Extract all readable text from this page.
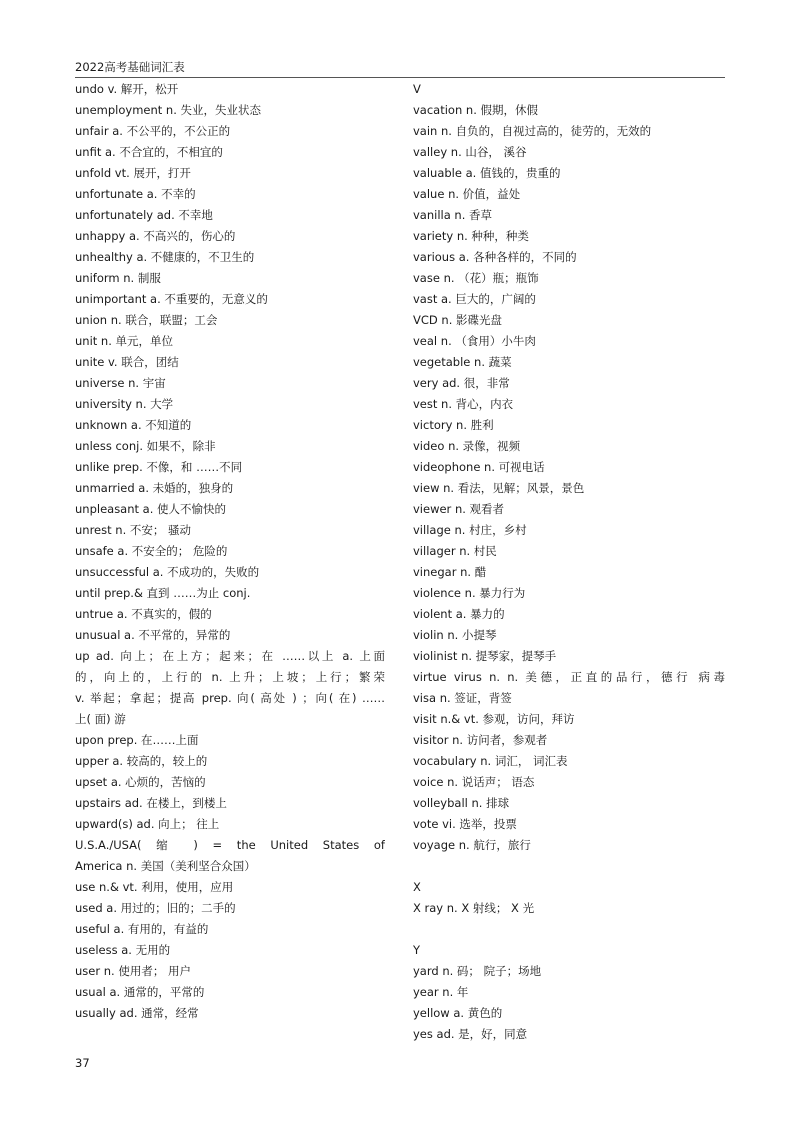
2022高考基础词汇表
undo v. 解开，松开
unemployment n. 失业，失业状态
unfair a. 不公平的，不公正的
unfit a. 不合宜的，不相宜的
unfold vt. 展开，打开
unfortunate a. 不幸的
unfortunately ad. 不幸地
unhappy a. 不高兴的，伤心的
unhealthy a. 不健康的，不卫生的
uniform n. 制服
unimportant a. 不重要的，无意义的
union n. 联合，联盟；工会
unit n. 单元，单位
unite v. 联合，团结
universe n. 宇宙
university n. 大学
unknown a. 不知道的
unless conj. 如果不，除非
unlike prep. 不像，和 ……不同
unmarried a. 未婚的，独身的
unpleasant a. 使人不愉快的
unrest n. 不安； 骚动
unsafe a. 不安全的； 危险的
unsuccessful a. 不成功的，失败的
until prep.& 直到 ……为止 conj.
untrue a. 不真实的，假的
unusual a. 不平常的，异常的
up ad. 向上；在上方；起来；在 ……以上 a. 上面
的，向上的，上行的 n. 上升；上坡；上行；繁荣
v. 举起；拿起；提高 prep. 向( 高处 ) ；向( 在) ……
上( 面) 游
upon prep. 在……上面
upper a. 较高的，较上的
upset a. 心烦的，苦恼的
upstairs ad. 在楼上，到楼上
upward(s) ad. 向上； 往上
U.S.A./USA( 缩 ) = the United States of
America n. 美国（美利坚合众国）
use n.& vt. 利用，使用，应用
used a. 用过的；旧的；二手的
useful a. 有用的，有益的
useless a. 无用的
user n. 使用者； 用户
usual a. 通常的，平常的
usually ad. 通常，经常
V
vacation n. 假期，休假
vain n. 自负的，自视过高的，徒劳的，无效的
valley n. 山谷， 溪谷
valuable a. 值钱的，贵重的
value n. 价值，益处
vanilla n. 香草
variety n. 种种，种类
various a. 各种各样的，不同的
vase n. （花）瓶；瓶饰
vast a. 巨大的，广阔的
VCD n. 影碟光盘
veal n. （食用）小牛肉
vegetable n. 蔬菜
very ad. 很，非常
vest n. 背心，内衣
victory n. 胜利
video n. 录像，视频
videophone n. 可视电话
view n. 看法，见解；风景，景色
viewer n. 观看者
village n. 村庄，乡村
villager n. 村民
vinegar n. 醋
violence n. 暴力行为
violent a. 暴力的
violin n. 小提琴
violinist n. 提琴家，提琴手
virtue virus n. n. 美德，正直的品行，德行 病毒
visa n. 签证，背签
visit n.& vt. 参观，访问，拜访
visitor n. 访问者，参观者
vocabulary n. 词汇， 词汇表
voice n. 说话声； 语态
volleyball n. 排球
vote vi. 选举，投票
voyage n. 航行，旅行
X
X ray n. X 射线； X 光
Y
yard n. 码； 院子；场地
year n. 年
yellow a. 黄色的
yes ad. 是，好，同意
37
